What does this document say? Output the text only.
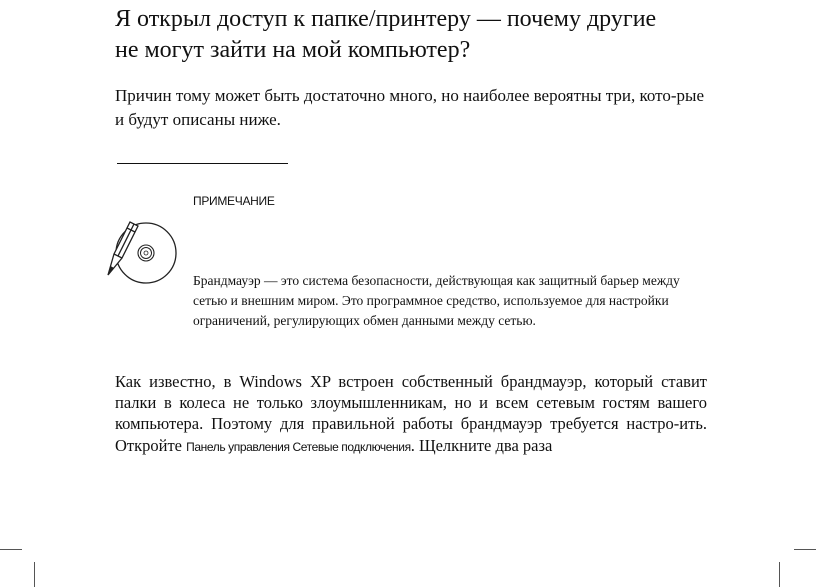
Я открыл доступ к папке/принтеру — почему другие
не могут зайти на мой компьютер?

Причин тому может быть достаточно много, но наиболее вероятны три, кото-рые
и будут описаны ниже.

ПРИМЕЧАНИЕ

Брандмауэр — это система безопасности, действующая как защитный барьер между
сетью и внешним миром. Это программное средство, используемое для настройки
ограничений, регулирующих обмен данными между сетью.

Как известно, в Windows XP встроен собственный брандмауэр, который ставит
палки в колеса не только злоумышленникам, но и всем сетевым гостям вашего
компьютера. Поэтому для правильной работы брандмауэр требуется настро-ить.

Откройте Панель управления Сетевые подключения. Щелкните два раза
